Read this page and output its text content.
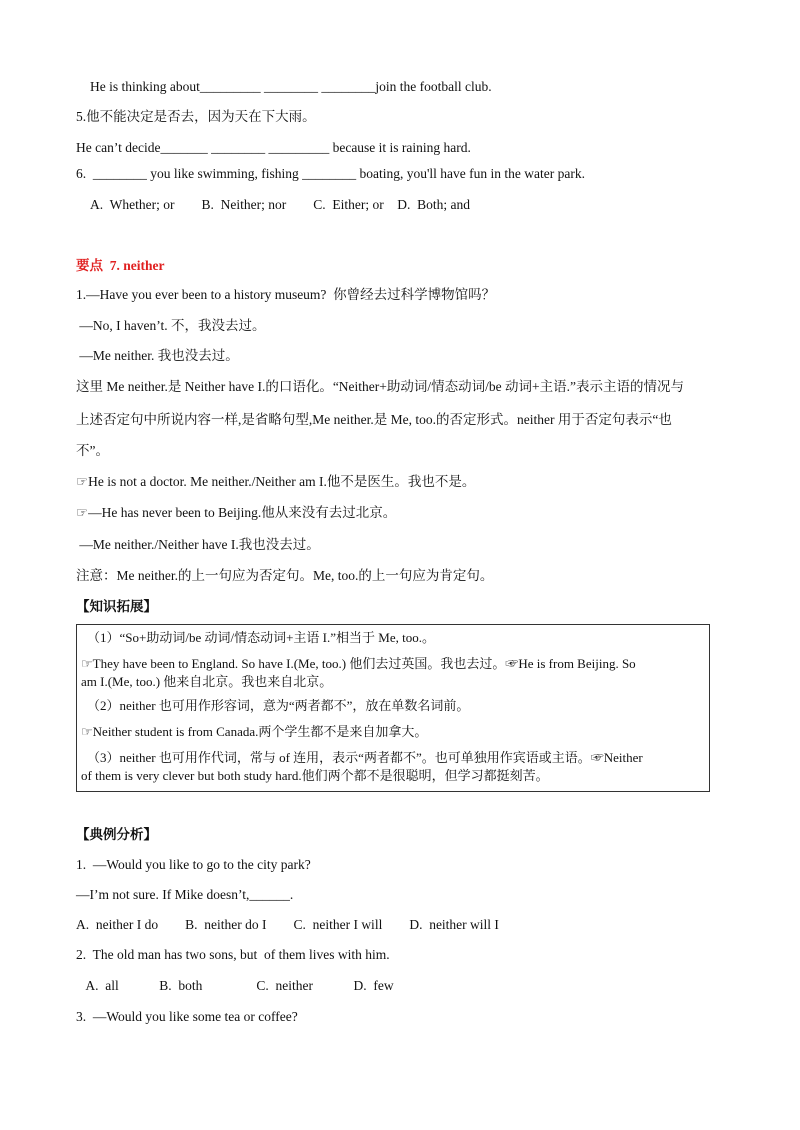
He is thinking about_________ ________ ________join the football club.
5.他不能决定是否去，因为天在下大雨。
He can’t decide_______ ________ _________ because it is raining hard.
6.  ________ you like swimming, fishing ________ boating, you'll have fun in the water park.
A.  Whether; or        B.  Neither; nor        C.  Either; or    D.  Both; and
要点  7. neither
1.—Have you ever been to a history museum?  你曾经去过科学博物馆吗？
—No, I haven’t. 不，我没去过。
—Me neither. 我也没去过。
这里 Me neither.是 Neither have I.的口语化。“Neither+助动词/情态动词/be 动词+主语.”表示主语的情况与
上述否定句中所说内容一样,是省略句型,Me neither.是 Me, too.的否定形式。neither 用于否定句表示“也
不”。
☞He is not a doctor. Me neither./Neither am I.他不是医生。我也不是。
☞—He has never been to Beijing.他从来没有去过北京。
—Me neither./Neither have I.我也没去过。
注意：Me neither.的上一句应为否定句。Me, too.的上一句应为肯定句。
【知识拓展】
（1）“So+助动词/be 动词/情态动词+主语 I.”相当于 Me, too.。
☞They have been to England. So have I.(Me, too.) 他们去过英国。我也去过。☞He is from Beijing. So
am I.(Me, too.) 他来自北京。我也来自北京。
（2）neither 也可用作形容词，意为“两者都不”，放在单数名词前。
☞Neither student is from Canada.两个学生都不是来自加拿大。
（3）neither 也可用作代词，常与 of 连用，表示“两者都不”。也可单独用作宾语或主语。☞Neither
of them is very clever but both study hard.他们两个都不是很聪明，但学习都挺刻苦。
【典例分析】
1.  —Would you like to go to the city park?
—I’m not sure. If Mike doesn’t,______.
A.  neither I do        B.  neither do I        C.  neither I will        D.  neither will I
2.  The old man has two sons, but  of them lives with him.
A.  all            B.  both                C.  neither            D.  few
3.  —Would you like some tea or coffee?
